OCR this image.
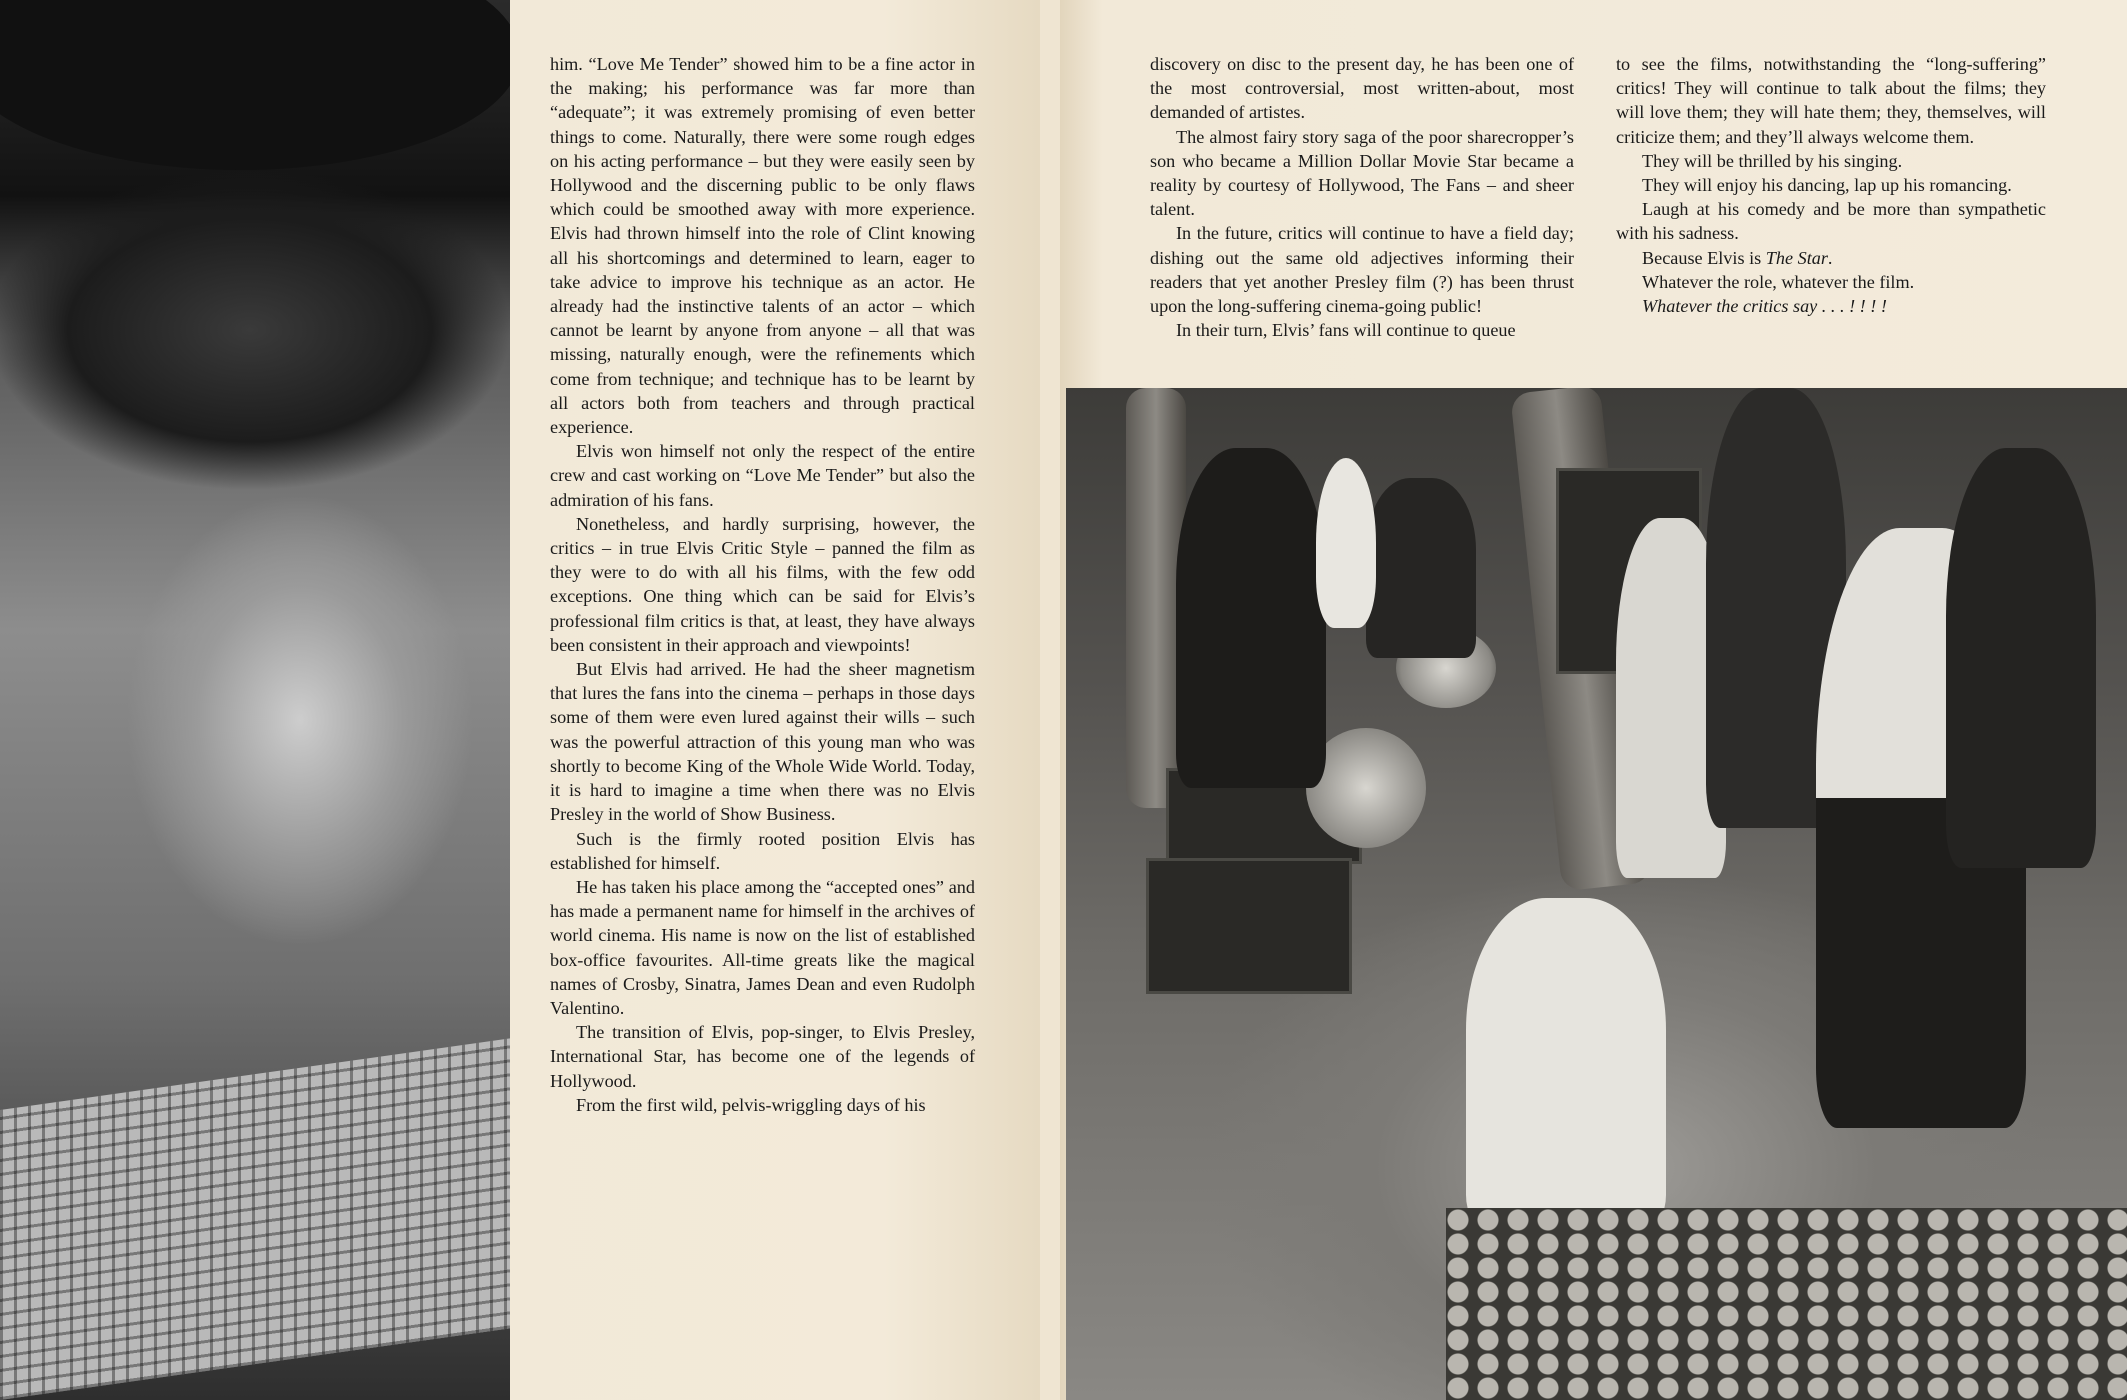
him. “Love Me Tender” showed him to be a fine actor in the making; his performance was far more than “adequate”; it was extremely promising of even better things to come. Naturally, there were some rough edges on his acting performance – but they were easily seen by Hollywood and the discerning public to be only flaws which could be smoothed away with more experience. Elvis had thrown himself into the role of Clint knowing all his shortcomings and determined to learn, eager to take advice to improve his technique as an actor. He already had the instinctive talents of an actor – which cannot be learnt by anyone from anyone – all that was missing, naturally enough, were the refinements which come from technique; and technique has to be learnt by all actors both from teachers and through practical experience.

Elvis won himself not only the respect of the entire crew and cast working on “Love Me Tender” but also the admiration of his fans.

Nonetheless, and hardly surprising, however, the critics – in true Elvis Critic Style – panned the film as they were to do with all his films, with the few odd exceptions. One thing which can be said for Elvis’s professional film critics is that, at least, they have always been consistent in their approach and viewpoints!

But Elvis had arrived. He had the sheer magnetism that lures the fans into the cinema – perhaps in those days some of them were even lured against their wills – such was the powerful attraction of this young man who was shortly to become King of the Whole Wide World. Today, it is hard to imagine a time when there was no Elvis Presley in the world of Show Business.

Such is the firmly rooted position Elvis has established for himself.

He has taken his place among the “accepted ones” and has made a permanent name for himself in the archives of world cinema. His name is now on the list of established box-office favourites. All-time greats like the magical names of Crosby, Sinatra, James Dean and even Rudolph Valentino.

The transition of Elvis, pop-singer, to Elvis Presley, International Star, has become one of the legends of Hollywood.

From the first wild, pelvis-wriggling days of his

discovery on disc to the present day, he has been one of the most controversial, most written-about, most demanded of artistes.

The almost fairy story saga of the poor sharecropper’s son who became a Million Dollar Movie Star became a reality by courtesy of Hollywood, The Fans – and sheer talent.

In the future, critics will continue to have a field day; dishing out the same old adjectives informing their readers that yet another Presley film (?) has been thrust upon the long-suffering cinema-going public!

In their turn, Elvis’ fans will continue to queue

to see the films, notwithstanding the “long-suffering” critics! They will continue to talk about the films; they will love them; they will hate them; they, themselves, will criticize them; and they’ll always welcome them.

They will be thrilled by his singing.

They will enjoy his dancing, lap up his romancing.

Laugh at his comedy and be more than sympathetic with his sadness.

Because Elvis is The Star.

Whatever the role, whatever the film.

Whatever the critics say . . . ! ! ! !
